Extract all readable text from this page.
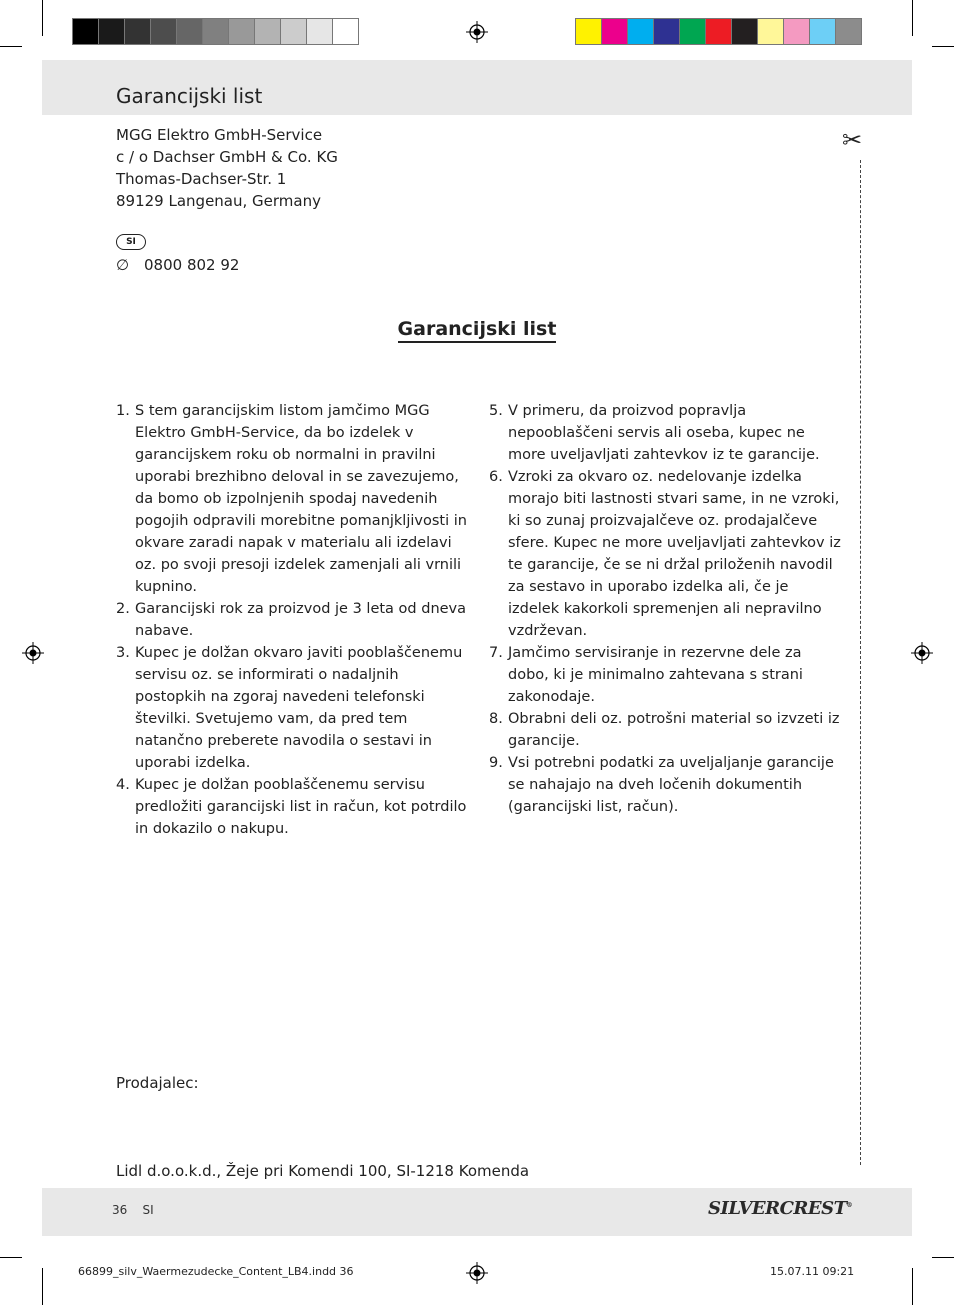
Garancijski list
MGG Elektro GmbH-Service
c / o Dachser GmbH & Co. KG
Thomas-Dachser-Str. 1
89129 Langenau, Germany
SI
∅ 0800 802 92
✂
Garancijski list
1. S tem garancijskim listom jamčimo MGG Elektro GmbH-Service, da bo izdelek v garancijskem roku ob normalni in pravilni uporabi brezhibno deloval in se zavezujemo, da bomo ob izpolnjenih spodaj navedenih pogojih odpravili morebitne pomanjkljivosti in okvare zaradi napak v materialu ali izdelavi oz. po svoji presoji izdelek zamenjali ali vrnili kupnino.
2. Garancijski rok za proizvod je 3 leta od dneva nabave.
3. Kupec je dolžan okvaro javiti pooblaščenemu servisu oz. se informirati o nadaljnih postopkih na zgoraj navedeni telefonski številki. Svetujemo vam, da pred tem natančno preberete navodila o sestavi in uporabi izdelka.
4. Kupec je dolžan pooblaščenemu servisu predložiti garancijski list in račun, kot potrdilo in dokazilo o nakupu.
5. V primeru, da proizvod popravlja nepooblaščeni servis ali oseba, kupec ne more uveljavljati zahtevkov iz te garancije.
6. Vzroki za okvaro oz. nedelovanje izdelka morajo biti lastnosti stvari same, in ne vzroki, ki so zunaj proizvajalčeve oz. prodajalčeve sfere. Kupec ne more uveljavljati zahtevkov iz te garancije, če se ni držal priloženih navodil za sestavo in uporabo izdelka ali, če je izdelek kakorkoli spremenjen ali nepravilno vzdrževan.
7. Jamčimo servisiranje in rezervne dele za dobo, ki je minimalno zahtevana s strani zakonodaje.
8. Obrabni deli oz. potrošni material so izvzeti iz garancije.
9. Vsi potrebni podatki za uveljaljanje garancije se nahajajo na dveh ločenih dokumentih (garancijski list, račun).
Prodajalec:
Lidl d.o.o.k.d., Žeje pri Komendi 100, SI-1218 Komenda
36 SI	SILVERCREST®
66899_silv_Waermezudecke_Content_LB4.indd 36	15.07.11 09:21
